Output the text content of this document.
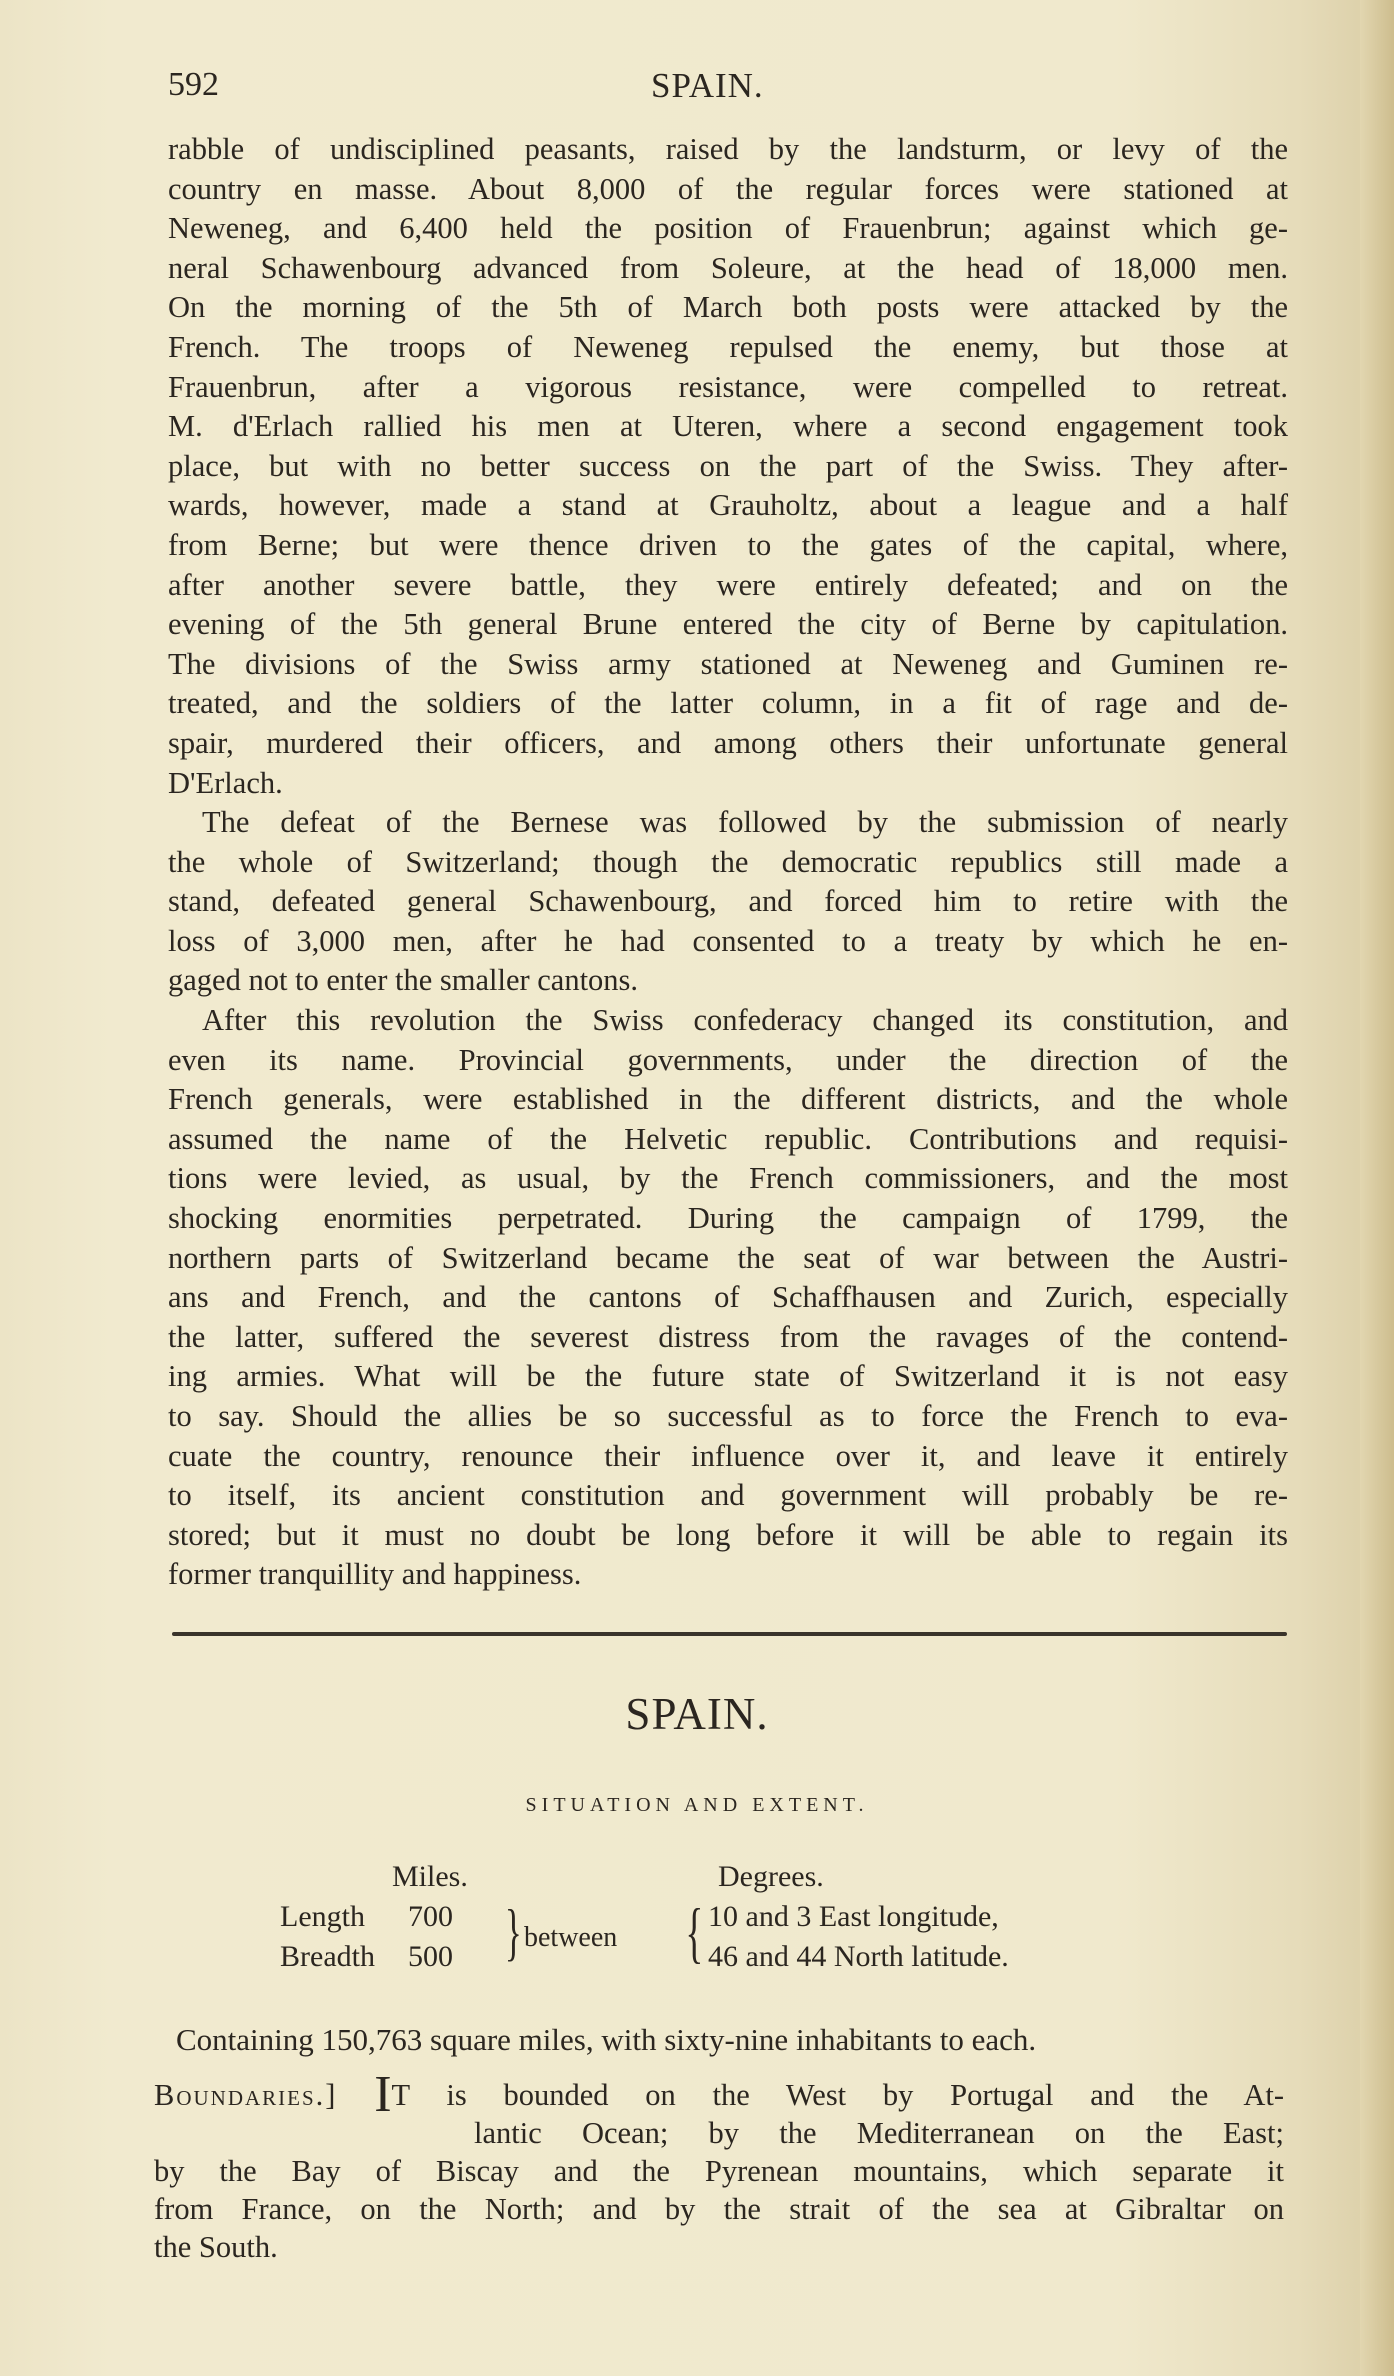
592	SPAIN.
rabble of undisciplined peasants, raised by the landsturm, or levy of the
country en masse. About 8,000 of the regular forces were stationed at
Neweneg, and 6,400 held the position of Frauenbrun; against which ge-
neral Schawenbourg advanced from Soleure, at the head of 18,000 men.
On the morning of the 5th of March both posts were attacked by the
French. The troops of Neweneg repulsed the enemy, but those at
Frauenbrun, after a vigorous resistance, were compelled to retreat.
M. d'Erlach rallied his men at Uteren, where a second engagement took
place, but with no better success on the part of the Swiss. They after-
wards, however, made a stand at Grauholtz, about a league and a half
from Berne; but were thence driven to the gates of the capital, where,
after another severe battle, they were entirely defeated; and on the
evening of the 5th general Brune entered the city of Berne by capitulation.
The divisions of the Swiss army stationed at Neweneg and Guminen re-
treated, and the soldiers of the latter column, in a fit of rage and de-
spair, murdered their officers, and among others their unfortunate general
D'Erlach.
The defeat of the Bernese was followed by the submission of nearly
the whole of Switzerland; though the democratic republics still made a
stand, defeated general Schawenbourg, and forced him to retire with the
loss of 3,000 men, after he had consented to a treaty by which he en-
gaged not to enter the smaller cantons.
After this revolution the Swiss confederacy changed its constitution, and
even its name. Provincial governments, under the direction of the
French generals, were established in the different districts, and the whole
assumed the name of the Helvetic republic. Contributions and requisi-
tions were levied, as usual, by the French commissioners, and the most
shocking enormities perpetrated. During the campaign of 1799, the
northern parts of Switzerland became the seat of war between the Austri-
ans and French, and the cantons of Schaffhausen and Zurich, especially
the latter, suffered the severest distress from the ravages of the contend-
ing armies. What will be the future state of Switzerland it is not easy
to say. Should the allies be so successful as to force the French to eva-
cuate the country, renounce their influence over it, and leave it entirely
to itself, its ancient constitution and government will probably be re-
stored; but it must no doubt be long before it will be able to regain its
former tranquillity and happiness.
SPAIN.
SITUATION AND EXTENT.
Miles.	Degrees.
Length 700
Breadth 500 } between { 10 and 3 East longitude,
46 and 44 North latitude.
Containing 150,763 square miles, with sixty-nine inhabitants to each.
Boundaries.] IT is bounded on the West by Portugal and the At-
lantic Ocean; by the Mediterranean on the East;
by the Bay of Biscay and the Pyrenean mountains, which separate it
from France, on the North; and by the strait of the sea at Gibraltar on
the South.
